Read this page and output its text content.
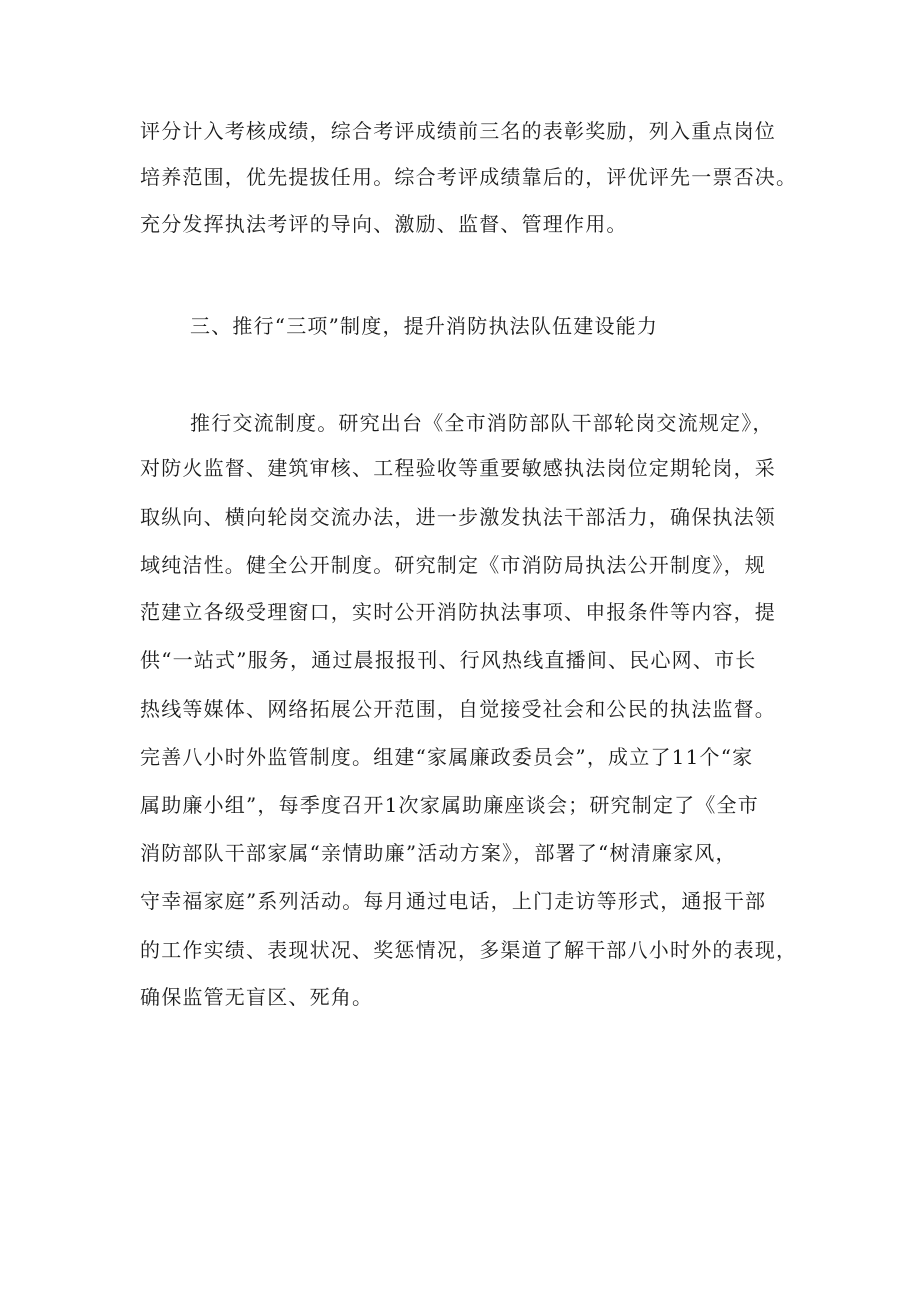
评分计入考核成绩，综合考评成绩前三名的表彰奖励，列入重点岗位
培养范围，优先提拔任用。综合考评成绩靠后的，评优评先一票否决。
充分发挥执法考评的导向、激励、监督、管理作用。
三、推行“三项”制度，提升消防执法队伍建设能力
推行交流制度。研究出台《全市消防部队干部轮岗交流规定》，
对防火监督、建筑审核、工程验收等重要敏感执法岗位定期轮岗，采
取纵向、横向轮岗交流办法，进一步激发执法干部活力，确保执法领
域纯洁性。健全公开制度。研究制定《市消防局执法公开制度》，规
范建立各级受理窗口，实时公开消防执法事项、申报条件等内容，提
供“一站式”服务，通过晨报报刊、行风热线直播间、民心网、市长
热线等媒体、网络拓展公开范围，自觉接受社会和公民的执法监督。
完善八小时外监管制度。组建“家属廉政委员会”，成立了11个“家
属助廉小组”，每季度召开1次家属助廉座谈会；研究制定了《全市
消防部队干部家属“亲情助廉”活动方案》，部署了“树清廉家风，
守幸福家庭”系列活动。每月通过电话，上门走访等形式，通报干部
的工作实绩、表现状况、奖惩情况，多渠道了解干部八小时外的表现，
确保监管无盲区、死角。
